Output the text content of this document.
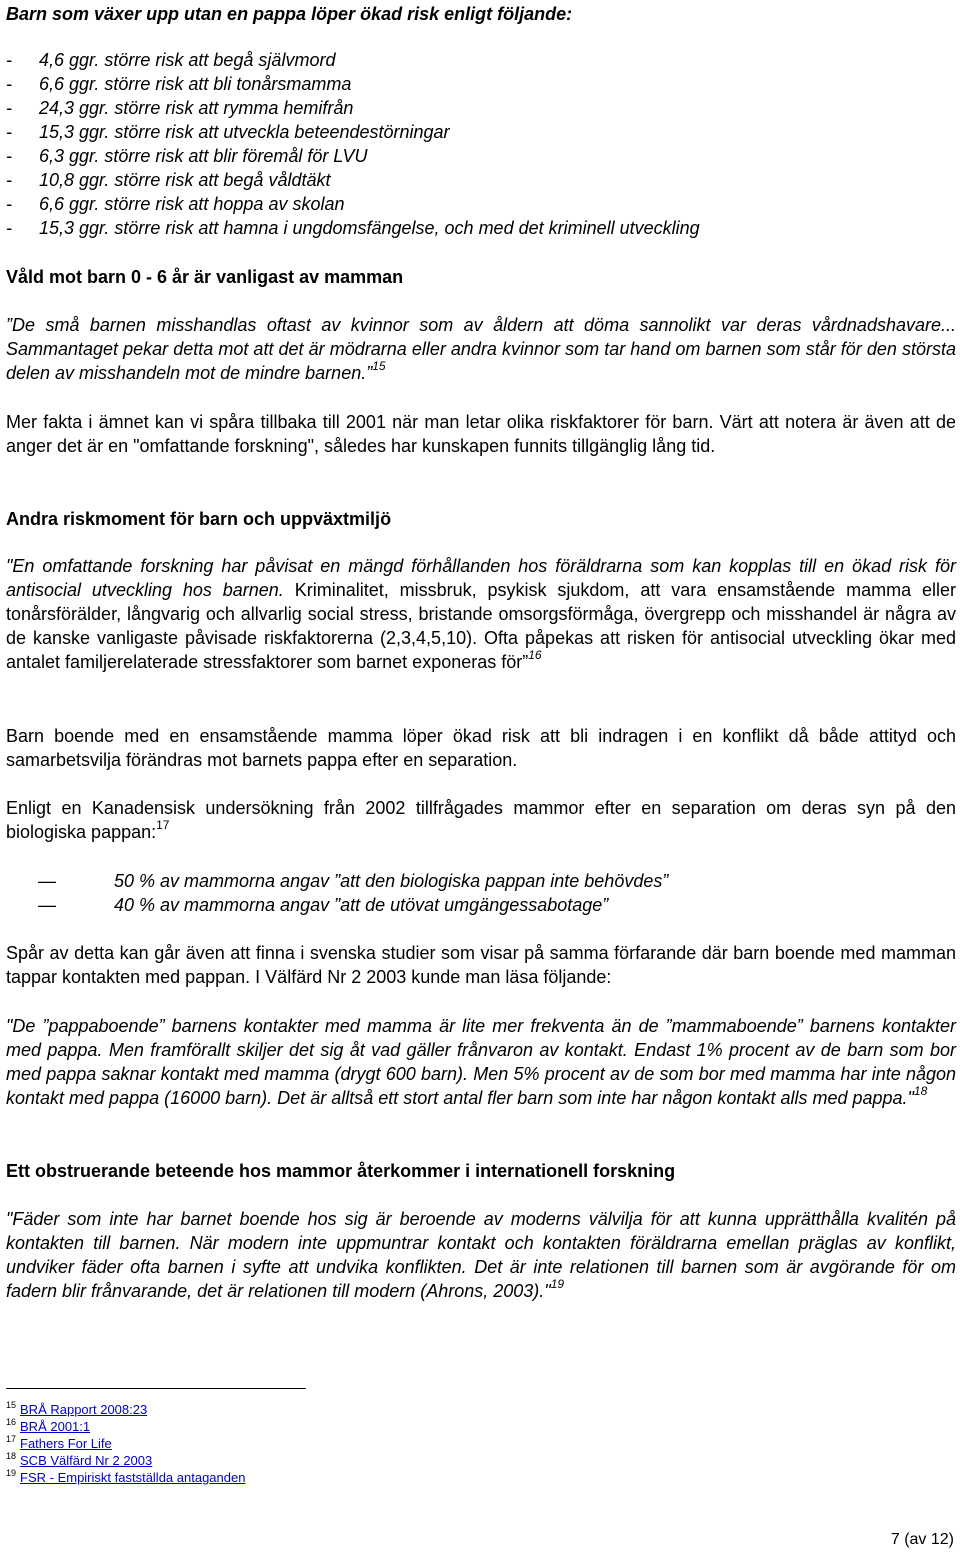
Barn som växer upp utan en pappa löper ökad risk enligt följande:
- 4,6 ggr. större risk att begå självmord
- 6,6 ggr. större risk att bli tonårsmamma
- 24,3 ggr. större risk att rymma hemifrån
- 15,3 ggr. större risk att utveckla beteendestörningar
- 6,3 ggr. större risk att blir föremål för LVU
- 10,8 ggr. större risk att begå våldtäkt
- 6,6 ggr. större risk att hoppa av skolan
- 15,3 ggr. större risk att hamna i ungdomsfängelse, och med det kriminell utveckling
Våld mot barn 0 - 6 år är vanligast av mamman
”De små barnen misshandlas oftast av kvinnor som av åldern att döma sannolikt var deras vårdnadshavare... Sammantaget pekar detta mot att det är mödrarna eller andra kvinnor som tar hand om barnen som står för den största delen av misshandeln mot de mindre barnen.”$^{15}$
Mer fakta i ämnet kan vi spåra tillbaka till 2001 när man letar olika riskfaktorer för barn. Värt att notera är även att de anger det är en "omfattande forskning", således har kunskapen funnits tillgänglig lång tid.
Andra riskmoment för barn och uppväxtmiljö
"En omfattande forskning har påvisat en mängd förhållanden hos föräldrarna som kan kopplas till en ökad risk för antisocial utveckling hos barnen. Kriminalitet, missbruk, psykisk sjukdom, att vara ensamstående mamma eller tonårsförälder, långvarig och allvarlig social stress, bristande omsorgsförmåga, övergrepp och misshandel är några av de kanske vanligaste påvisade riskfaktorerna (2,3,4,5,10). Ofta påpekas att risken för antisocial utveckling ökar med antalet familjerelaterade stressfaktorer som barnet exponeras för”$^{16}$
Barn boende med en ensamstående mamma löper ökad risk att bli indragen i en konflikt då både attityd och samarbetsvilja förändras mot barnets pappa efter en separation.
Enligt en Kanadensisk undersökning från 2002 tillfrågades mammor efter en separation om deras syn på den biologiska pappan:$^{17}$
—	50 % av mammorna angav ”att den biologiska pappan inte behövdes”
—	40 % av mammorna angav ”att de utövat umgängessabotage”
Spår av detta kan går även att finna i svenska studier som visar på samma förfarande där barn boende med mamman tappar kontakten med pappan. I Välfärd Nr 2 2003 kunde man läsa följande:
"De ”pappaboende” barnens kontakter med mamma är lite mer frekventa än de ”mammaboende” barnens kontakter med pappa. Men framförallt skiljer det sig åt vad gäller frånvaron av kontakt. Endast 1% procent av de barn som bor med pappa saknar kontakt med mamma (drygt 600 barn). Men 5% procent av de som bor med mamma har inte någon kontakt med pappa (16000 barn). Det är alltså ett stort antal fler barn som inte har någon kontakt alls med pappa."$^{18}$
Ett obstruerande beteende hos mammor återkommer i internationell forskning
"Fäder som inte har barnet boende hos sig är beroende av moderns välvilja för att kunna upprätthålla kvalitén på kontakten till barnen. När modern inte uppmuntrar kontakt och kontakten föräldrarna emellan präglas av konflikt, undviker fäder ofta barnen i syfte att undvika konflikten. Det är inte relationen till barnen som är avgörande för om fadern blir frånvarande, det är relationen till modern (Ahrons, 2003)."$^{19}$
$^{15}$ BRÅ Rapport 2008:23
$^{16}$ BRÅ 2001:1
$^{17}$ Fathers For Life
$^{18}$ SCB Välfärd Nr 2 2003
$^{19}$ FSR - Empiriskt fastställda antaganden
7 (av 12)
